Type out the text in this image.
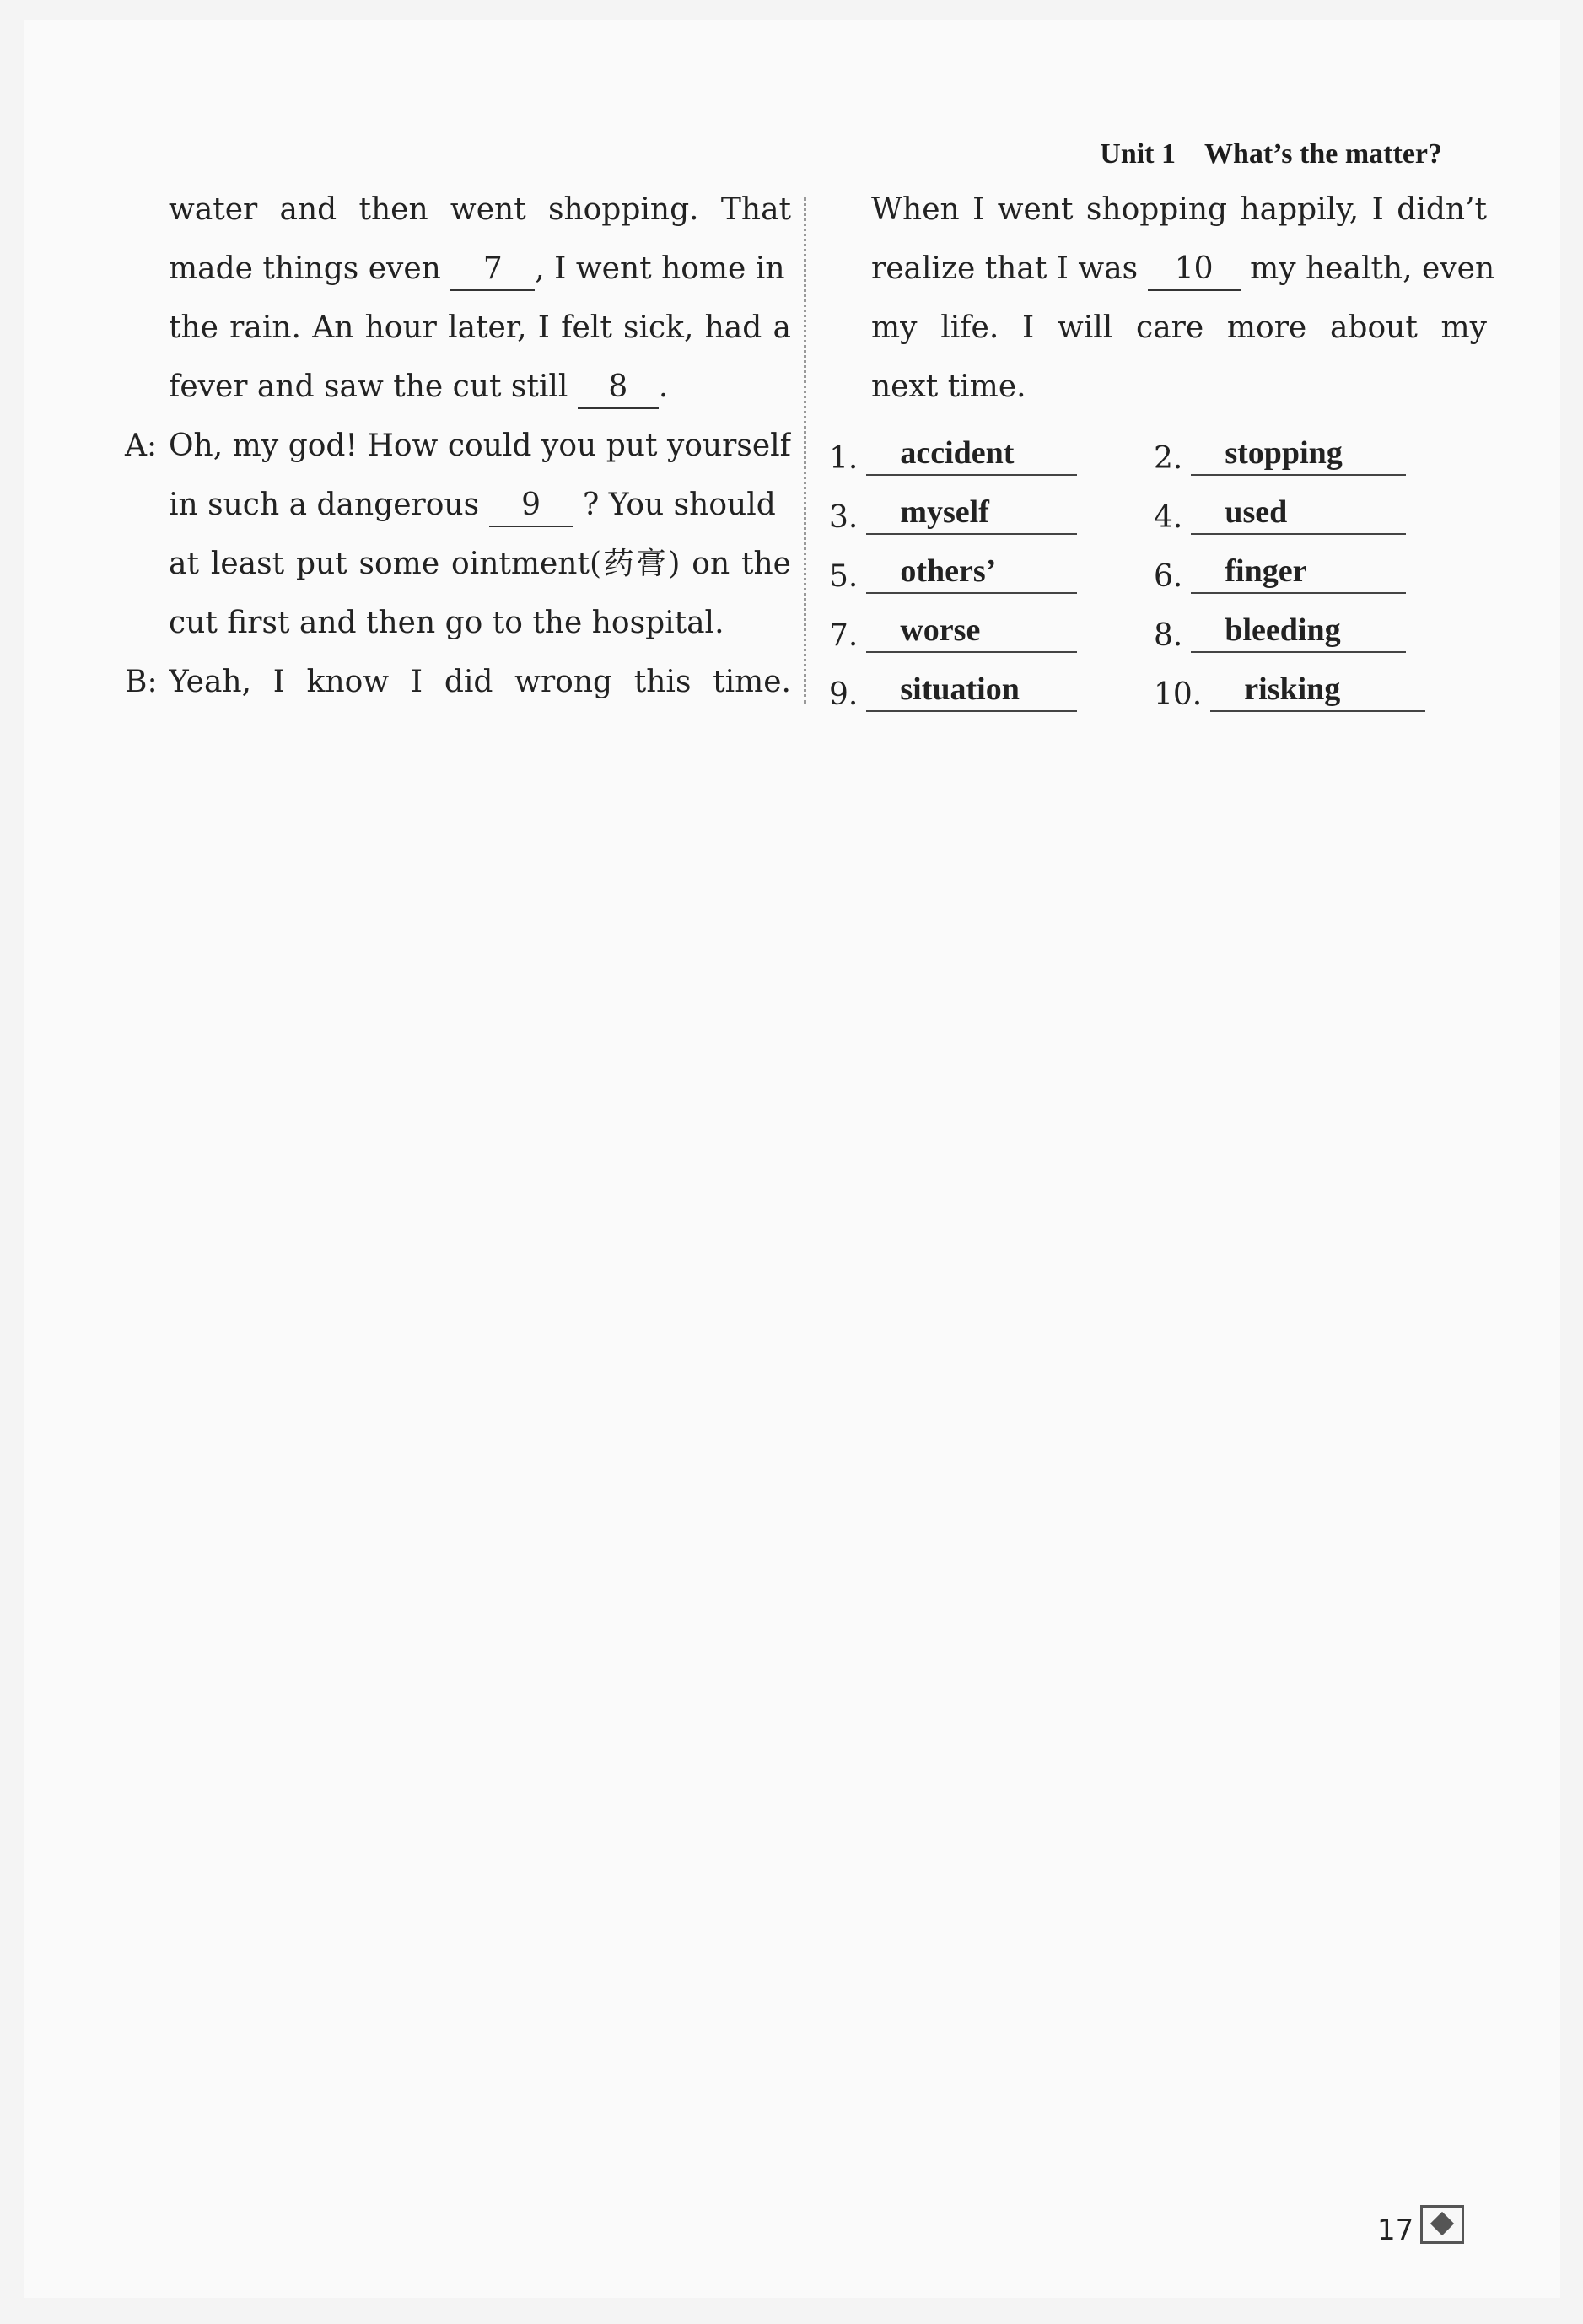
Unit 1 What’s the matter?
water and then went shopping. That
made things even 7 , I went home in
the rain. An hour later, I felt sick, had a
fever and saw the cut still 8 .
A: Oh, my god! How could you put yourself
in such a dangerous 9 ? You should
at least put some ointment(药膏) on the
cut first and then go to the hospital.
B: Yeah, I know I did wrong this time.
When I went shopping happily, I didn’t
realize that I was 10 my health, even
my life. I will care more about my
next time.
1.	accident	2.	stopping
3.	myself	4.	used
5.	others’	6.	finger
7.	worse	8.	bleeding
9.	situation	10.	risking
17
